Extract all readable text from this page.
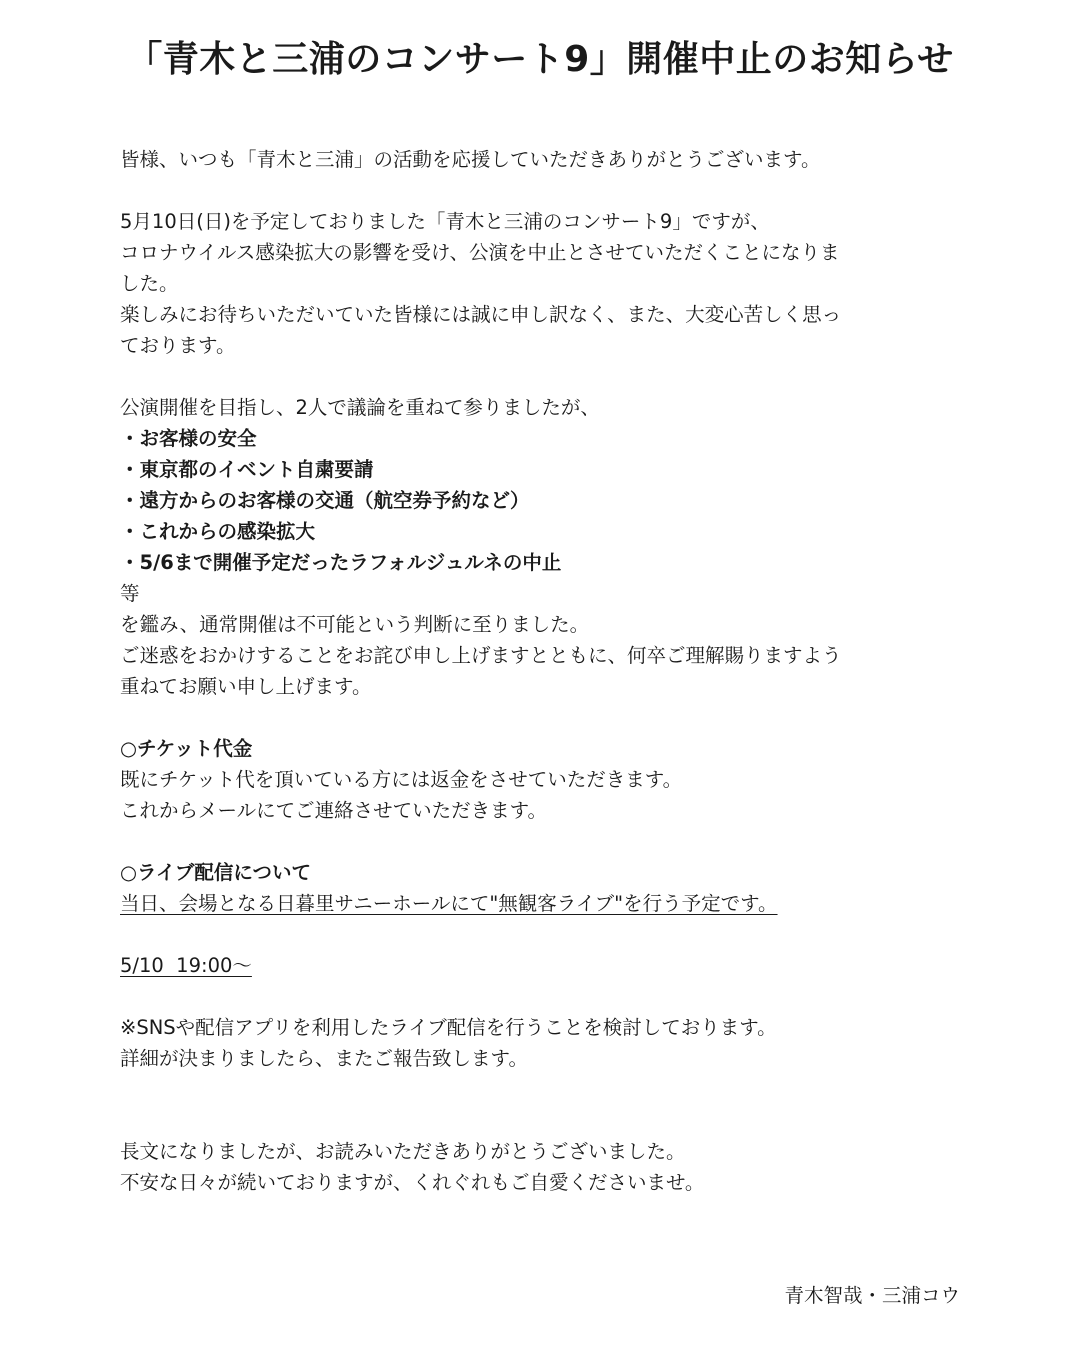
「青木と三浦のコンサート9」開催中止のお知らせ
皆様、いつも「青木と三浦」の活動を応援していただきありがとうございます。
5月10日(日)を予定しておりました「青木と三浦のコンサート9」ですが、
コロナウイルス感染拡大の影響を受け、公演を中止とさせていただくことになりま
した。
楽しみにお待ちいただいていた皆様には誠に申し訳なく、また、大変心苦しく思っ
ております。
公演開催を目指し、2人で議論を重ねて参りましたが、
・お客様の安全
・東京都のイベント自粛要請
・遠方からのお客様の交通（航空券予約など）
・これからの感染拡大
・5/6まで開催予定だったラフォルジュルネの中止
等
を鑑み、通常開催は不可能という判断に至りました。
ご迷惑をおかけすることをお詫び申し上げますとともに、何卒ご理解賜りますよう
重ねてお願い申し上げます。
○チケット代金
既にチケット代を頂いている方には返金をさせていただきます。
これからメールにてご連絡させていただきます。
○ライブ配信について
当日、会場となる日暮里サニーホールにて"無観客ライブ"を行う予定です。
5/10  19:00〜
※SNSや配信アプリを利用したライブ配信を行うことを検討しております。
詳細が決まりましたら、またご報告致します。
長文になりましたが、お読みいただきありがとうございました。
不安な日々が続いておりますが、くれぐれもご自愛くださいませ。
青木智哉・三浦コウ
